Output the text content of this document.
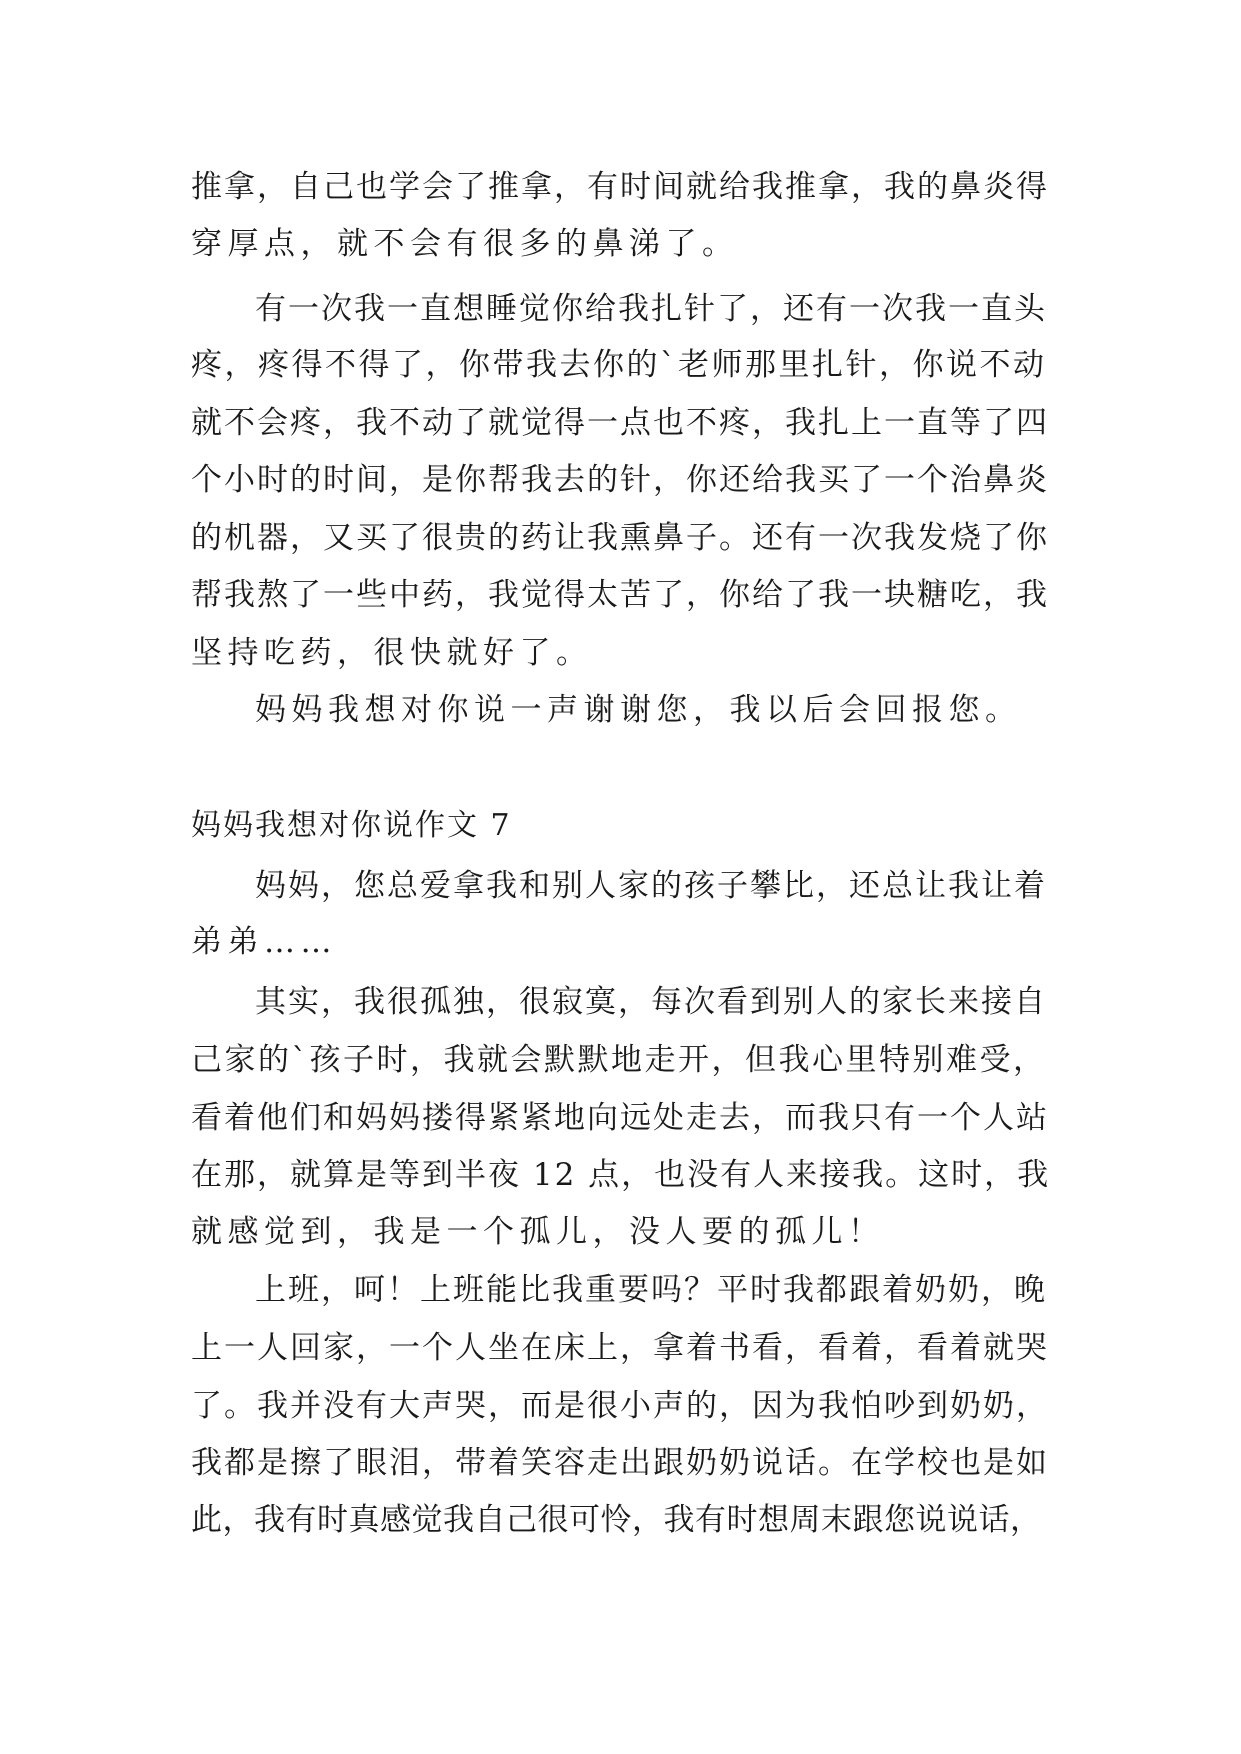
推拿，自己也学会了推拿，有时间就给我推拿，我的鼻炎得
穿厚点，就不会有很多的鼻涕了。
有一次我一直想睡觉你给我扎针了，还有一次我一直头
疼，疼得不得了，你带我去你的`老师那里扎针，你说不动
就不会疼，我不动了就觉得一点也不疼，我扎上一直等了四
个小时的时间，是你帮我去的针，你还给我买了一个治鼻炎
的机器，又买了很贵的药让我熏鼻子。还有一次我发烧了你
帮我熬了一些中药，我觉得太苦了，你给了我一块糖吃，我
坚持吃药，很快就好了。
妈妈我想对你说一声谢谢您，我以后会回报您。
妈妈我想对你说作文 7
妈妈，您总爱拿我和别人家的孩子攀比，还总让我让着
弟弟……
其实，我很孤独，很寂寞，每次看到别人的家长来接自
己家的`孩子时，我就会默默地走开，但我心里特别难受，
看着他们和妈妈搂得紧紧地向远处走去，而我只有一个人站
在那，就算是等到半夜 12 点，也没有人来接我。这时，我
就感觉到，我是一个孤儿，没人要的孤儿！
上班，呵！上班能比我重要吗？平时我都跟着奶奶，晚
上一人回家，一个人坐在床上，拿着书看，看着，看着就哭
了。我并没有大声哭，而是很小声的，因为我怕吵到奶奶，
我都是擦了眼泪，带着笑容走出跟奶奶说话。在学校也是如
此，我有时真感觉我自己很可怜，我有时想周末跟您说说话，
